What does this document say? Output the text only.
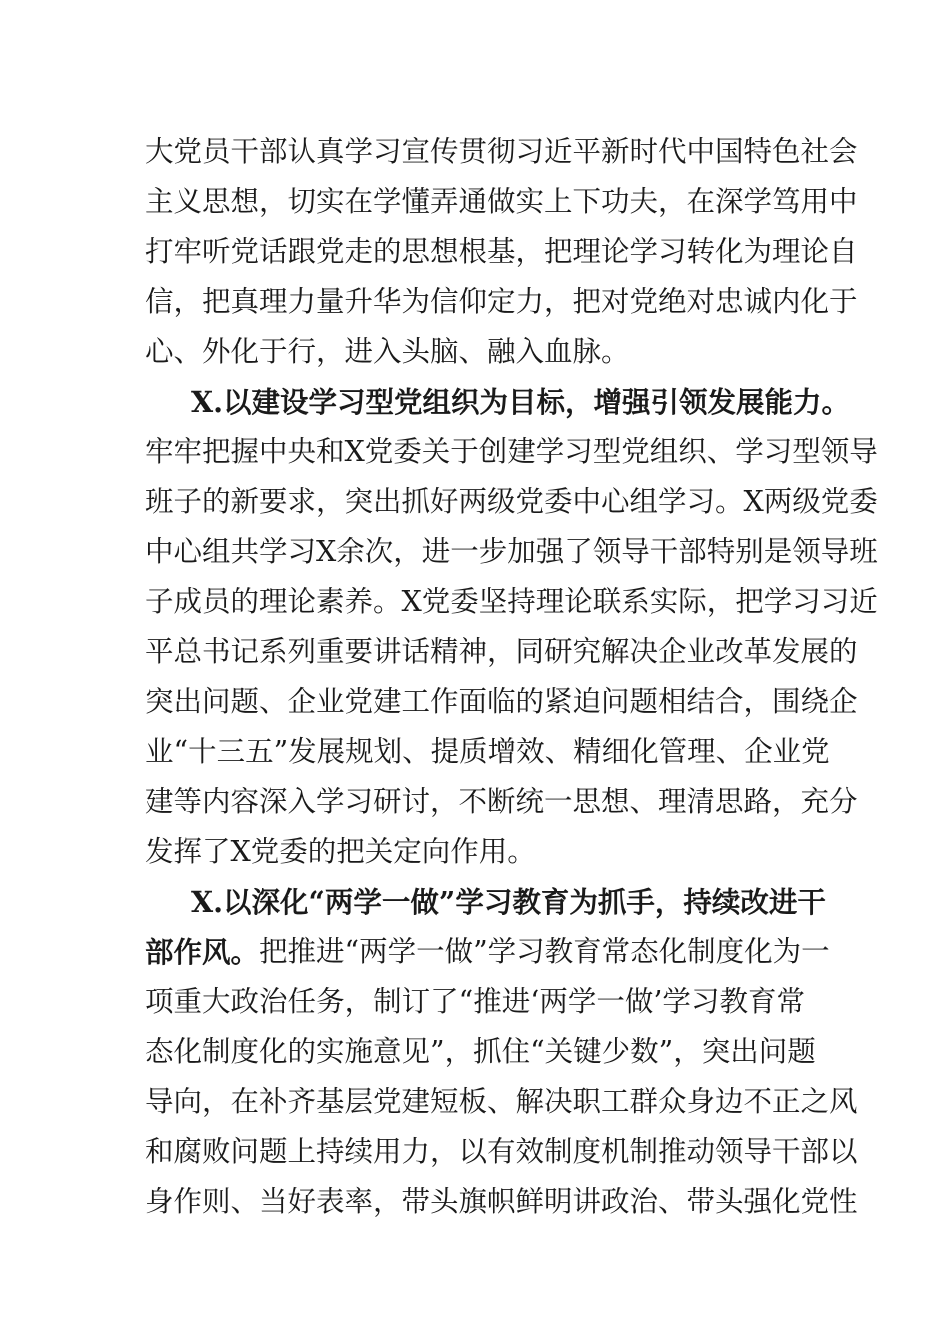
大党员干部认真学习宣传贯彻习近平新时代中国特色社会
主义思想，切实在学懂弄通做实上下功夫，在深学笃用中
打牢听党话跟党走的思想根基，把理论学习转化为理论自
信，把真理力量升华为信仰定力，把对党绝对忠诚内化于
心、外化于行，进入头脑、融入血脉。
X.以建设学习型党组织为目标，增强引领发展能力。
牢牢把握中央和X党委关于创建学习型党组织、学习型领导
班子的新要求，突出抓好两级党委中心组学习。X两级党委
中心组共学习X余次，进一步加强了领导干部特别是领导班
子成员的理论素养。X党委坚持理论联系实际，把学习习近
平总书记系列重要讲话精神，同研究解决企业改革发展的
突出问题、企业党建工作面临的紧迫问题相结合，围绕企
业“十三五”发展规划、提质增效、精细化管理、企业党
建等内容深入学习研讨，不断统一思想、理清思路，充分
发挥了X党委的把关定向作用。
X.以深化“两学一做”学习教育为抓手，持续改进干
部作风。 把推进“两学一做”学习教育常态化制度化为一
项重大政治任务，制订了“推进‘两学一做’学习教育常
态化制度化的实施意见”，抓住“关键少数”，突出问题
导向，在补齐基层党建短板、解决职工群众身边不正之风
和腐败问题上持续用力，以有效制度机制推动领导干部以
身作则、当好表率，带头旗帜鲜明讲政治、带头强化党性
